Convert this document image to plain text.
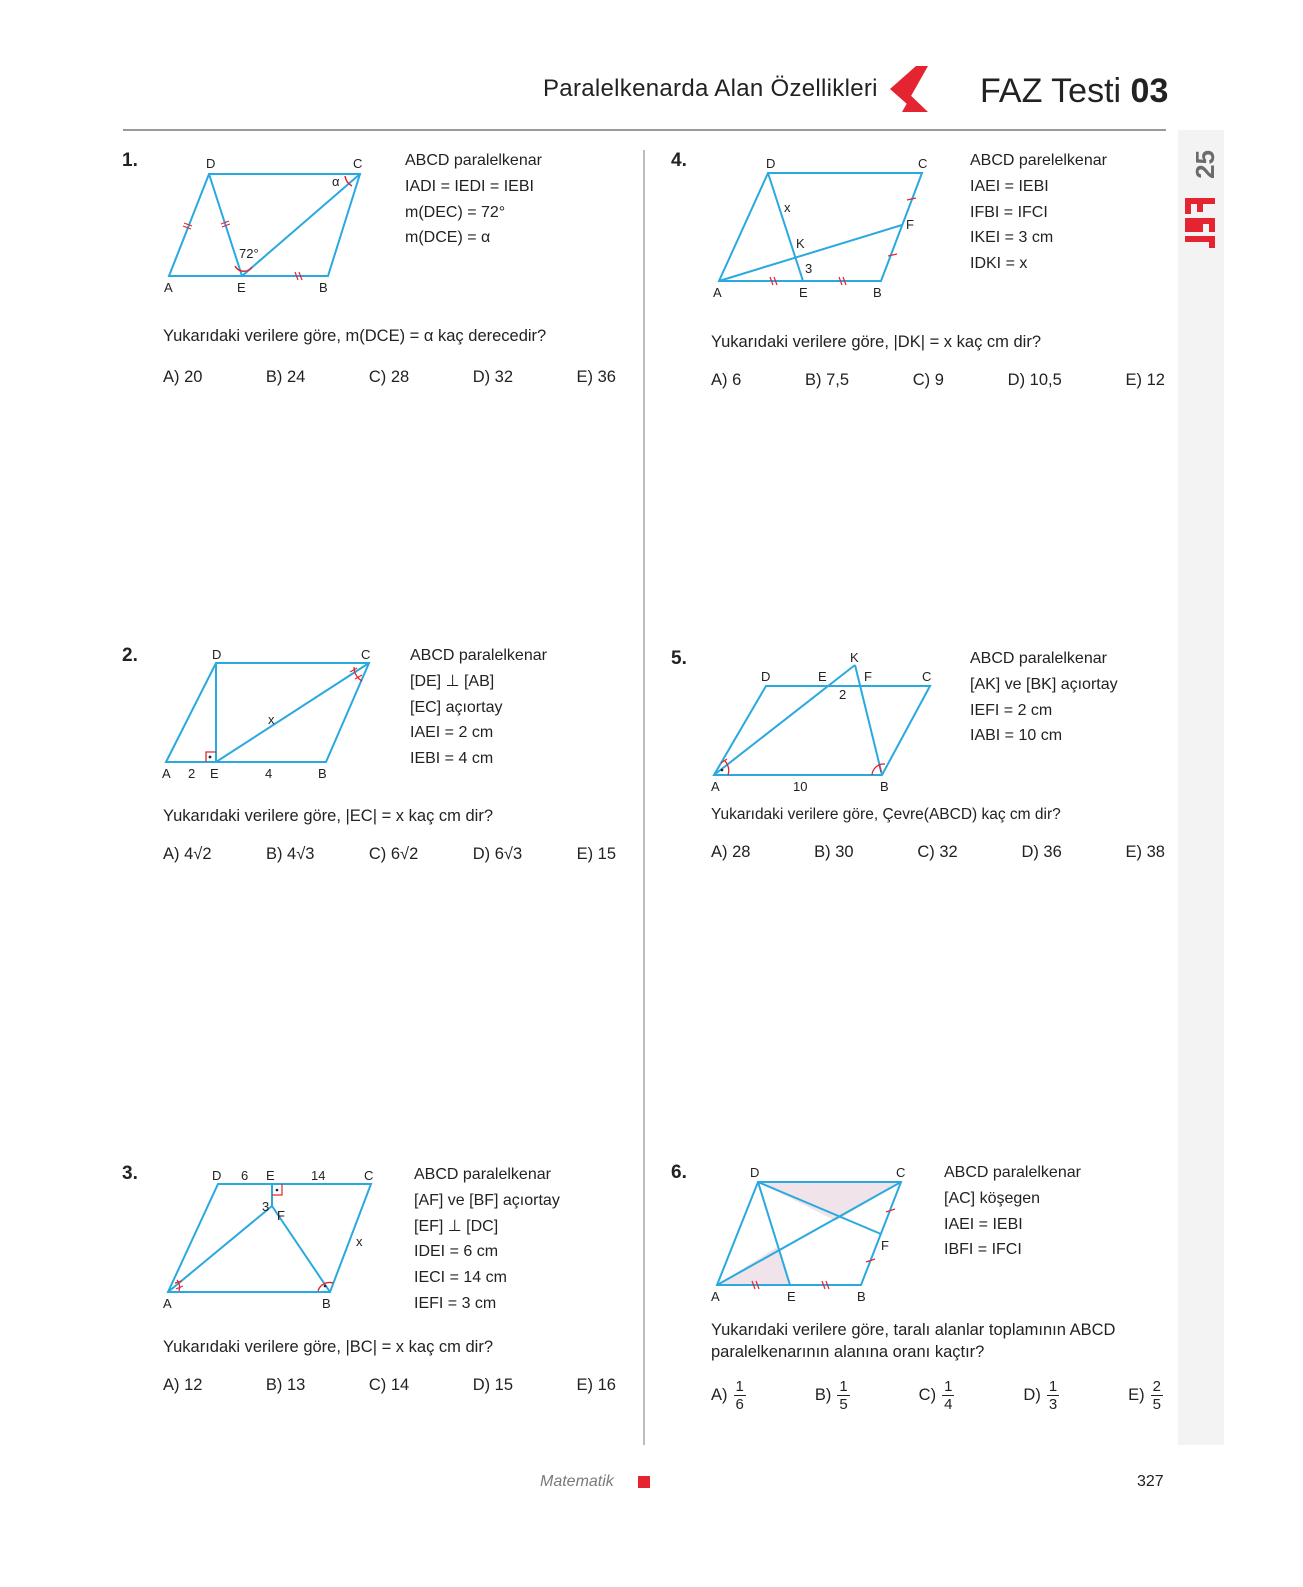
Paralelkenarda Alan Özellikleri	FAZ Testi 03
25
1.	D	C
A	E	B
α
72°
ABCD paralelkenar
IADI = IEDI = IEBI
m(DEC) = 72°
m(DCE) = α
Yukarıdaki verilere göre, m(DCE) = α kaç derecedir?
A) 20	B) 24	C) 28	D) 32	E) 36
2.	D	C
A 2 E	4	B
x
ABCD paralelkenar
[DE] ⊥ [AB]
[EC] açıortay
IAEI = 2 cm
IEBI = 4 cm
Yukarıdaki verilere göre, |EC| = x kaç cm dir?
A) 4√2	B) 4√3	C) 6√2	D) 6√3	E) 15
3.	D 6 E	14	C
3
F
x
A	B
ABCD paralelkenar
[AF] ve [BF] açıortay
[EF] ⊥ [DC]
IDEI = 6 cm
IECI = 14 cm
IEFI = 3 cm
Yukarıdaki verilere göre, |BC| = x kaç cm dir?
A) 12	B) 13	C) 14	D) 15	E) 16
4.	D	C
x
F
K
3
A	E	B
ABCD parelelkenar
IAEI = IEBI
IFBI = IFCI
IKEI = 3 cm
IDKI = x
Yukarıdaki verilere göre, |DK| = x kaç cm dir?
A) 6	B) 7,5	C) 9	D) 10,5	E) 12
5.	K
D	E	F	C
2
A	10	B
ABCD paralelkenar
[AK] ve [BK] açıortay
IEFI = 2 cm
IABI = 10 cm
Yukarıdaki verilere göre, Çevre(ABCD) kaç cm dir?
A) 28	B) 30	C) 32	D) 36	E) 38
6.	D	C
F
A	E	B
ABCD paralelkenar
[AC] köşegen
IAEI = IEBI
IBFI = IFCI
Yukarıdaki verilere göre, taralı alanlar toplamının ABCD
paralelkenarının alanına oranı kaçtır?
$A) \frac{1}{6}$	$B) \frac{1}{5}$	$C) \frac{1}{4}$	$D) \frac{1}{3}$	$E) \frac{2}{5}$
Matematik	327
